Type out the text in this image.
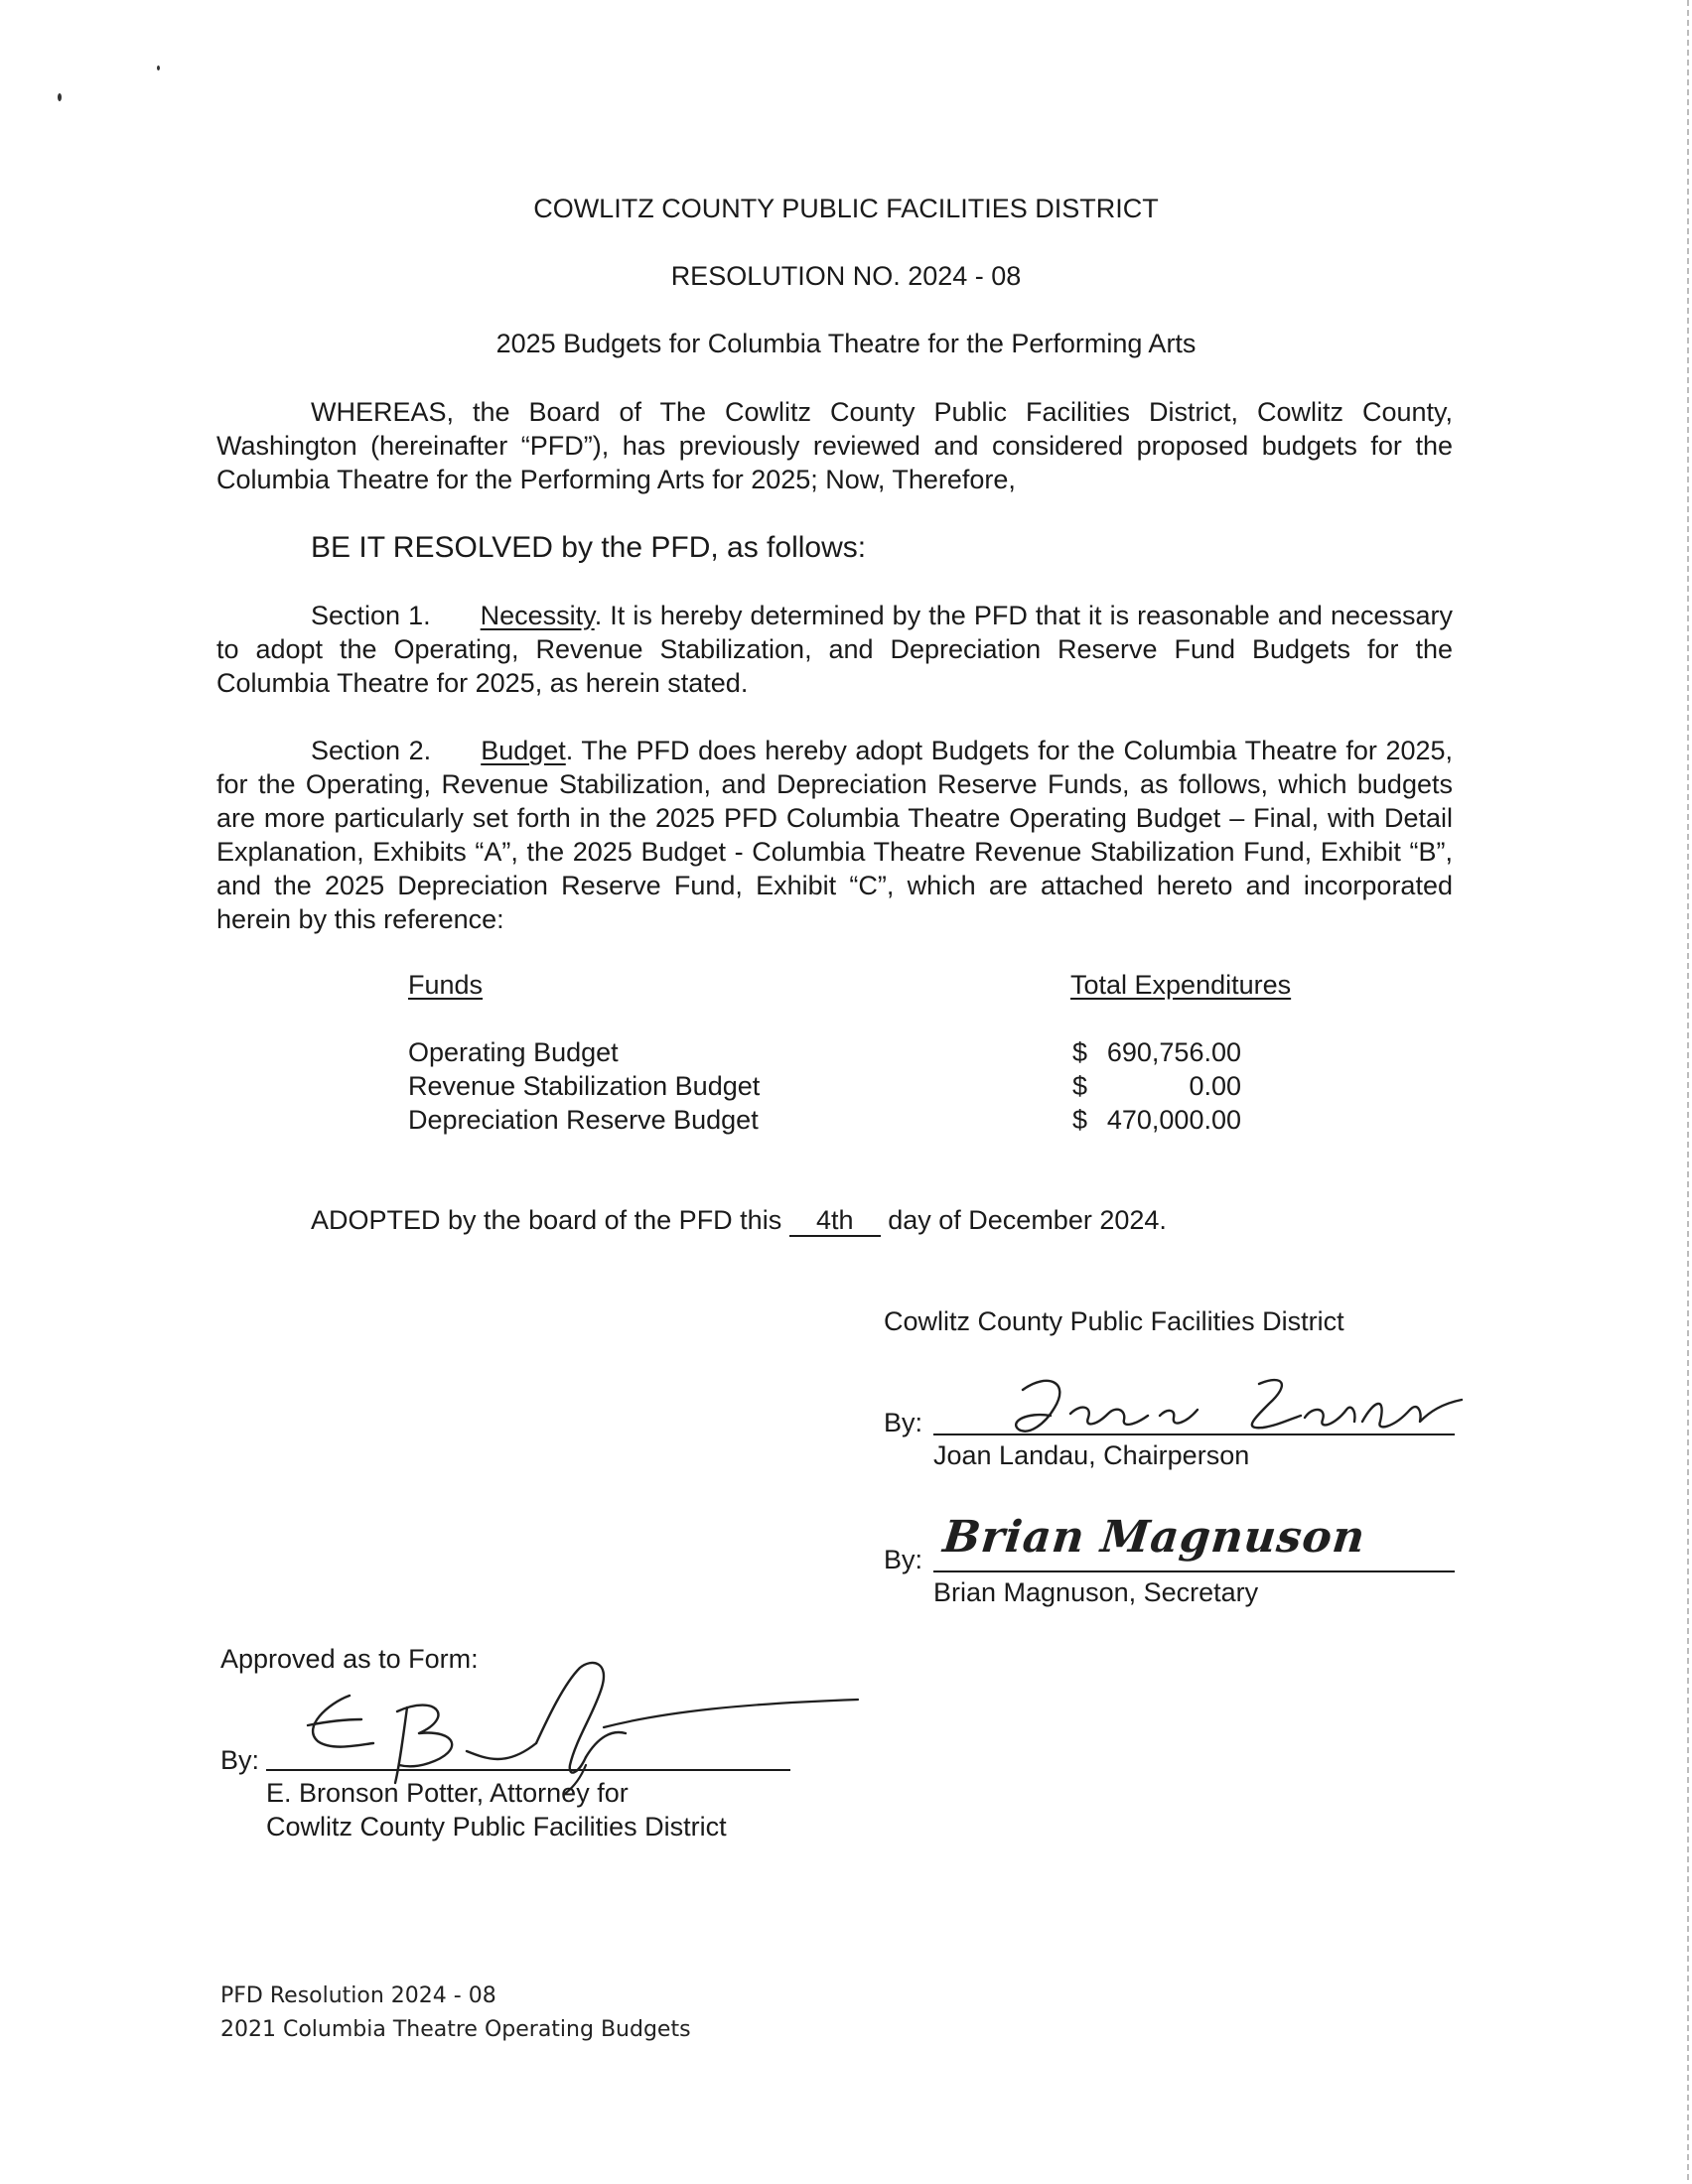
COWLITZ COUNTY PUBLIC FACILITIES DISTRICT
RESOLUTION NO. 2024 - 08
2025 Budgets for Columbia Theatre for the Performing Arts
WHEREAS, the Board of The Cowlitz County Public Facilities District, Cowlitz County, Washington (hereinafter “PFD”), has previously reviewed and considered proposed budgets for the Columbia Theatre for the Performing Arts for 2025; Now, Therefore,
BE IT RESOLVED by the PFD, as follows:
Section 1. Necessity. It is hereby determined by the PFD that it is reasonable and necessary to adopt the Operating, Revenue Stabilization, and Depreciation Reserve Fund Budgets for the Columbia Theatre for 2025, as herein stated.
Section 2. Budget. The PFD does hereby adopt Budgets for the Columbia Theatre for 2025, for the Operating, Revenue Stabilization, and Depreciation Reserve Funds, as follows, which budgets are more particularly set forth in the 2025 PFD Columbia Theatre Operating Budget – Final, with Detail Explanation, Exhibits “A”, the 2025 Budget - Columbia Theatre Revenue Stabilization Fund, Exhibit “B”, and the 2025 Depreciation Reserve Fund, Exhibit “C”, which are attached hereto and incorporated herein by this reference:
Funds	Total Expenditures
Operating Budget	$ 690,756.00
Revenue Stabilization Budget	$	0.00
Depreciation Reserve Budget	$ 470,000.00
ADOPTED by the board of the PFD this 4th day of December 2024.
Cowlitz County Public Facilities District
By:
Joan Landau, Chairperson
By: Brian Magnuson
Brian Magnuson, Secretary
Approved as to Form:
By:
E. Bronson Potter, Attorney for
Cowlitz County Public Facilities District
PFD Resolution 2024 - 08
2021 Columbia Theatre Operating Budgets
